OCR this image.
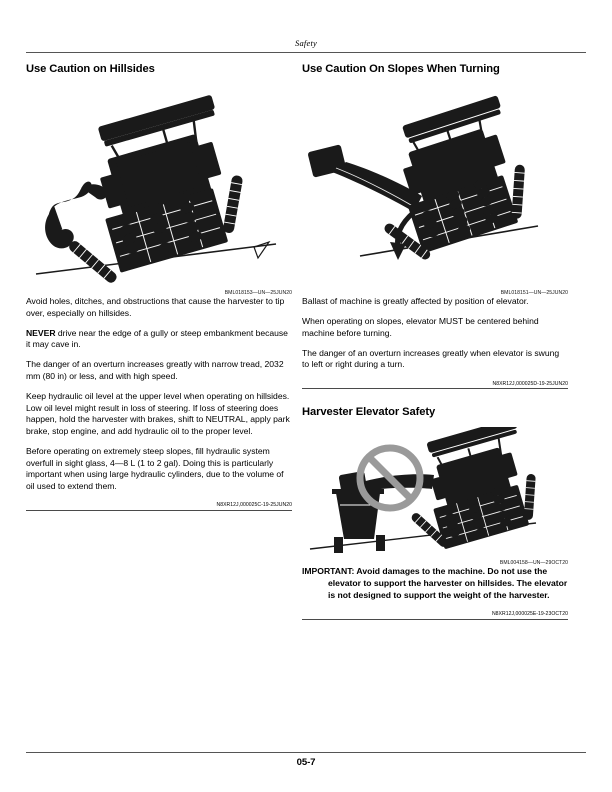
Safety
Use Caution on Hillsides
BML018153—UN—25JUN20

Avoid holes, ditches, and obstructions that cause the harvester to tip over, especially on hillsides.

NEVER drive near the edge of a gully or steep embankment because it may cave in.

The danger of an overturn increases greatly with narrow tread, 2032 mm (80 in) or less, and with high speed.

Keep hydraulic oil level at the upper level when operating on hillsides. Low oil level might result in loss of steering. If loss of steering does happen, hold the harvester with brakes, shift to NEUTRAL, apply park brake, stop engine, and add hydraulic oil to the proper level.

Before operating on extremely steep slopes, fill hydraulic system overfull in sight glass, 4—8 L (1 to 2 gal). Doing this is particularly important when using large hydraulic cylinders, due to the volume of oil used to extend them.

N8XR12J,000025C-19-25JUN20
Use Caution On Slopes When Turning
BML018151—UN—25JUN20

Ballast of machine is greatly affected by position of elevator.

When operating on slopes, elevator MUST be centered behind machine before turning.

The danger of an overturn increases greatly when elevator is swung to left or right during a turn.

N8XR12J,000025D-19-25JUN20
Harvester Elevator Safety
BML004158—UN—29OCT20

IMPORTANT: Avoid damages to the machine. Do not use the elevator to support the harvester on hillsides. The elevator is not designed to support the weight of the harvester.

N8XR12J,000025E-19-23OCT20
05-7
